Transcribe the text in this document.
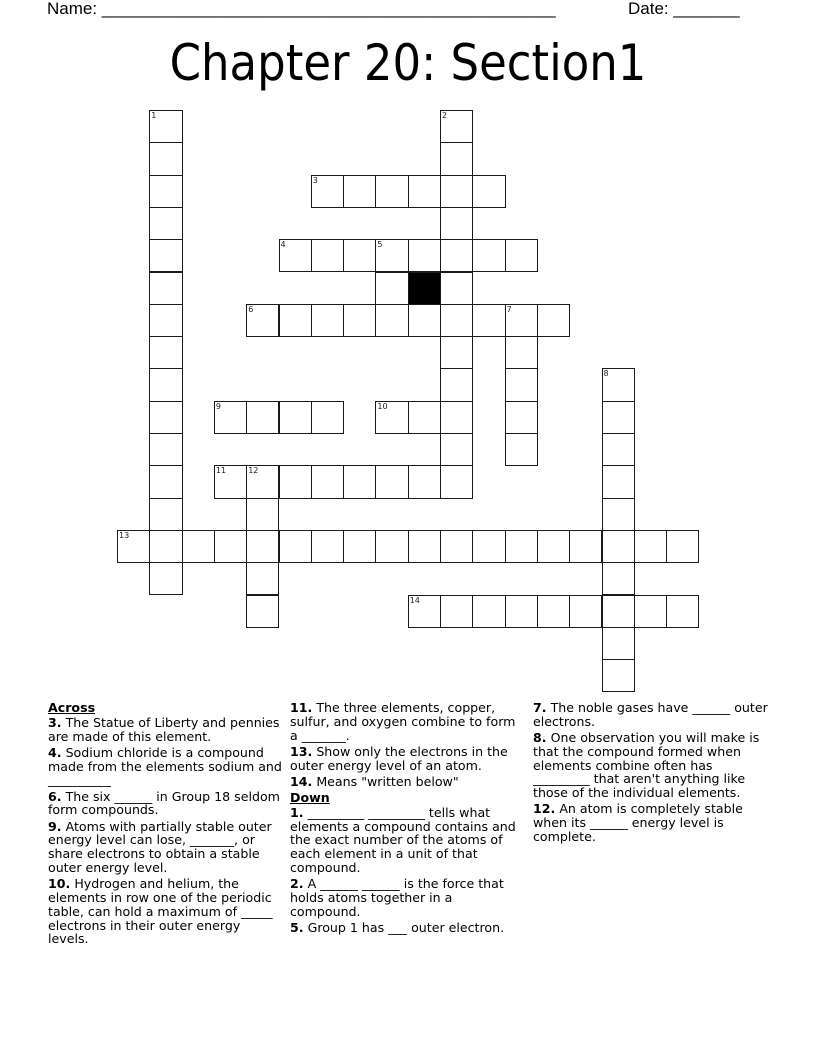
Name: ________________________________________________	Date: _______
Chapter 20: Section1
1	2
3
4	5
6	7
8
9	10
11	12
13
14
Across
3. The Statue of Liberty and pennies are made of this element.
4. Sodium chloride is a compound made from the elements sodium and __________
6. The six ______ in Group 18 seldom form compounds.
9. Atoms with partially stable outer energy level can lose, _______, or share electrons to obtain a stable outer energy level.
10. Hydrogen and helium, the elements in row one of the periodic table, can hold a maximum of _____ electrons in their outer energy levels.
11. The three elements, copper, sulfur, and oxygen combine to form a _______.
13. Show only the electrons in the outer energy level of an atom.
14. Means "written below"
Down
1. _________ _________ tells what elements a compound contains and the exact number of the atoms of each element in a unit of that compound.
2. A ______ ______ is the force that holds atoms together in a compound.
5. Group 1 has ___ outer electron.
7. The noble gases have ______ outer electrons.
8. One observation you will make is that the compound formed when elements combine often has _________ that aren't anything like those of the individual elements.
12. An atom is completely stable when its ______ energy level is complete.
